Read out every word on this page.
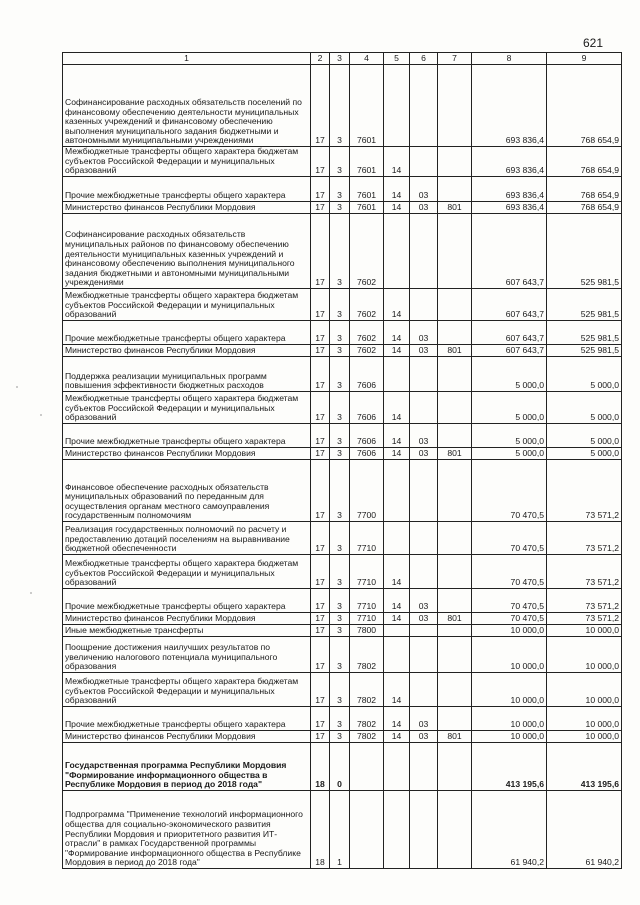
621
1	2	3	4	5	6	7	8	9
Софинансирование расходных обязательств поселений по финансовому обеспечению деятельности муниципальных казенных учреждений и финансовому обеспечению выполнения муниципального задания бюджетными и автономными муниципальными учреждениями	17	3	7601				693 836,4	768 654,9
Межбюджетные трансферты общего характера бюджетам субъектов Российской Федерации и муниципальных образований	17	3	7601	14			693 836,4	768 654,9
Прочие межбюджетные трансферты общего характера	17	3	7601	14	03		693 836,4	768 654,9
Министерство финансов Республики Мордовия	17	3	7601	14	03	801	693 836,4	768 654,9
Софинансирование расходных обязательств муниципальных районов по финансовому обеспечению деятельности муниципальных казенных учреждений и финансовому обеспечению выполнения муниципального задания бюджетными и автономными муниципальными учреждениями	17	3	7602				607 643,7	525 981,5
Межбюджетные трансферты общего характера бюджетам субъектов Российской Федерации и муниципальных образований	17	3	7602	14			607 643,7	525 981,5
Прочие межбюджетные трансферты общего характера	17	3	7602	14	03		607 643,7	525 981,5
Министерство финансов Республики Мордовия	17	3	7602	14	03	801	607 643,7	525 981,5
Поддержка реализации муниципальных программ повышения эффективности бюджетных расходов	17	3	7606				5 000,0	5 000,0
Межбюджетные трансферты общего характера бюджетам субъектов Российской Федерации и муниципальных образований	17	3	7606	14			5 000,0	5 000,0
Прочие межбюджетные трансферты общего характера	17	3	7606	14	03		5 000,0	5 000,0
Министерство финансов Республики Мордовия	17	3	7606	14	03	801	5 000,0	5 000,0
Финансовое обеспечение расходных обязательств муниципальных образований по переданным для осуществления органам местного самоуправления государственным полномочиям	17	3	7700				70 470,5	73 571,2
Реализация государственных полномочий по расчету и предоставлению дотаций поселениям на выравнивание бюджетной обеспеченности	17	3	7710				70 470,5	73 571,2
Межбюджетные трансферты общего характера бюджетам субъектов Российской Федерации и муниципальных образований	17	3	7710	14			70 470,5	73 571,2
Прочие межбюджетные трансферты общего характера	17	3	7710	14	03		70 470,5	73 571,2
Министерство финансов Республики Мордовия	17	3	7710	14	03	801	70 470,5	73 571,2
Иные межбюджетные трансферты	17	3	7800				10 000,0	10 000,0
Поощрение достижения наилучших результатов по увеличению налогового потенциала муниципального образования	17	3	7802				10 000,0	10 000,0
Межбюджетные трансферты общего характера бюджетам субъектов Российской Федерации и муниципальных образований	17	3	7802	14			10 000,0	10 000,0
Прочие межбюджетные трансферты общего характера	17	3	7802	14	03		10 000,0	10 000,0
Министерство финансов Республики Мордовия	17	3	7802	14	03	801	10 000,0	10 000,0
Государственная программа Республики Мордовия "Формирование информационного общества в Республике Мордовия в период до 2018 года"	18	0					413 195,6	413 195,6
Подпрограмма "Применение технологий информационного общества для социально-экономического развития Республики Мордовия и приоритетного развития ИТ-отрасли" в рамках Государственной программы "Формирование информационного общества в Республике Мордовия в период до 2018 года"	18	1					61 940,2	61 940,2
